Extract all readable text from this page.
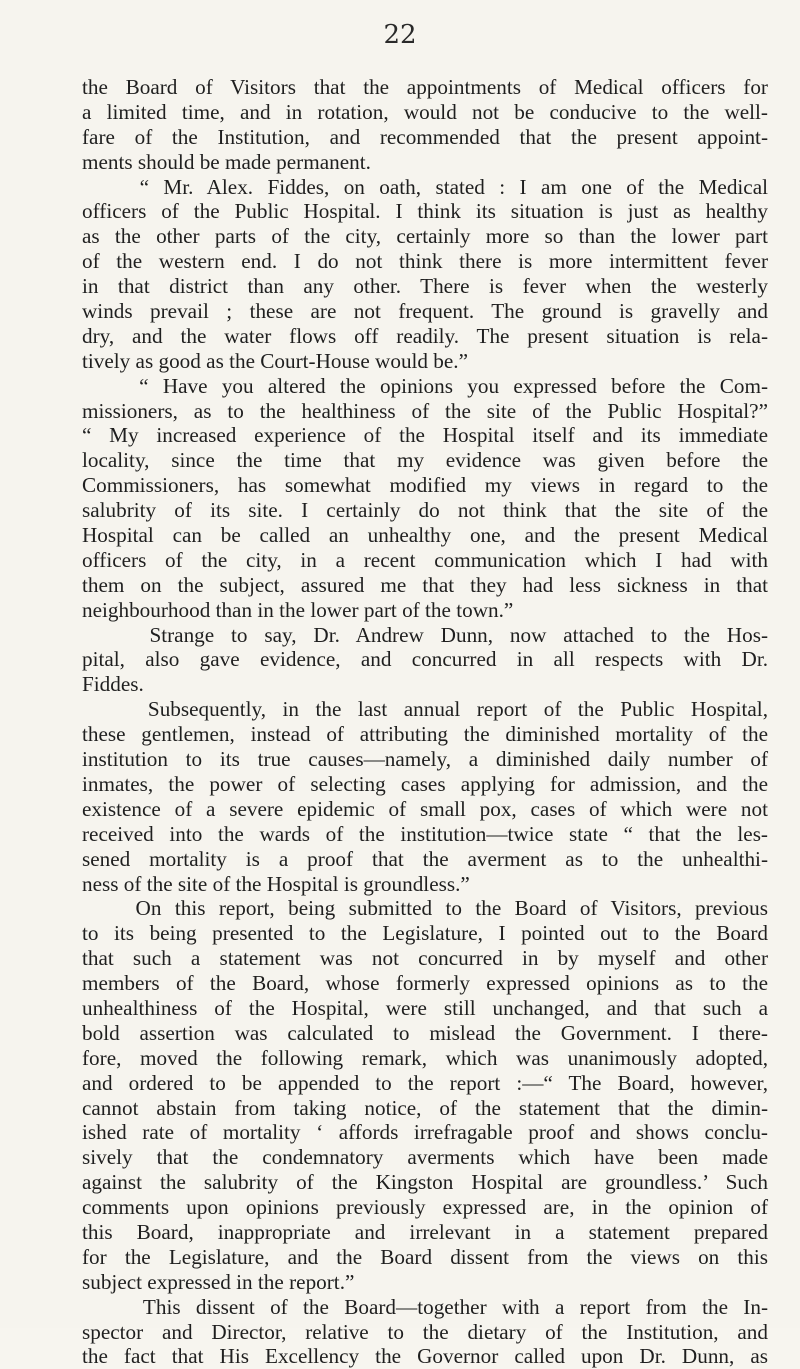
22
the Board of Visitors that the appointments of Medical officers for
a limited time, and in rotation, would not be conducive to the well-
fare of the Institution, and recommended that the present appoint-
ments should be made permanent.
“ Mr. Alex. Fiddes, on oath, stated : I am one of the Medical
officers of the Public Hospital. I think its situation is just as healthy
as the other parts of the city, certainly more so than the lower part
of the western end. I do not think there is more intermittent fever
in that district than any other. There is fever when the westerly
winds prevail ; these are not frequent. The ground is gravelly and
dry, and the water flows off readily. The present situation is rela-
tively as good as the Court-House would be.”
“ Have you altered the opinions you expressed before the Com-
missioners, as to the healthiness of the site of the Public Hospital?”
“ My increased experience of the Hospital itself and its immediate
locality, since the time that my evidence was given before the
Commissioners, has somewhat modified my views in regard to the
salubrity of its site. I certainly do not think that the site of the
Hospital can be called an unhealthy one, and the present Medical
officers of the city, in a recent communication which I had with
them on the subject, assured me that they had less sickness in that
neighbourhood than in the lower part of the town.”
Strange to say, Dr. Andrew Dunn, now attached to the Hos-
pital, also gave evidence, and concurred in all respects with Dr.
Fiddes.
Subsequently, in the last annual report of the Public Hospital,
these gentlemen, instead of attributing the diminished mortality of the
institution to its true causes—namely, a diminished daily number of
inmates, the power of selecting cases applying for admission, and the
existence of a severe epidemic of small pox, cases of which were not
received into the wards of the institution—twice state “ that the les-
sened mortality is a proof that the averment as to the unhealthi-
ness of the site of the Hospital is groundless.”
On this report, being submitted to the Board of Visitors, previous
to its being presented to the Legislature, I pointed out to the Board
that such a statement was not concurred in by myself and other
members of the Board, whose formerly expressed opinions as to the
unhealthiness of the Hospital, were still unchanged, and that such a
bold assertion was calculated to mislead the Government. I there-
fore, moved the following remark, which was unanimously adopted,
and ordered to be appended to the report :—“ The Board, however,
cannot abstain from taking notice, of the statement that the dimin-
ished rate of mortality ‘ affords irrefragable proof and shows conclu-
sively that the condemnatory averments which have been made
against the salubrity of the Kingston Hospital are groundless.’ Such
comments upon opinions previously expressed are, in the opinion of
this Board, inappropriate and irrelevant in a statement prepared
for the Legislature, and the Board dissent from the views on this
subject expressed in the report.”
This dissent of the Board—together with a report from the In-
spector and Director, relative to the dietary of the Institution, and
the fact that His Excellency the Governor called upon Dr. Dunn, as
